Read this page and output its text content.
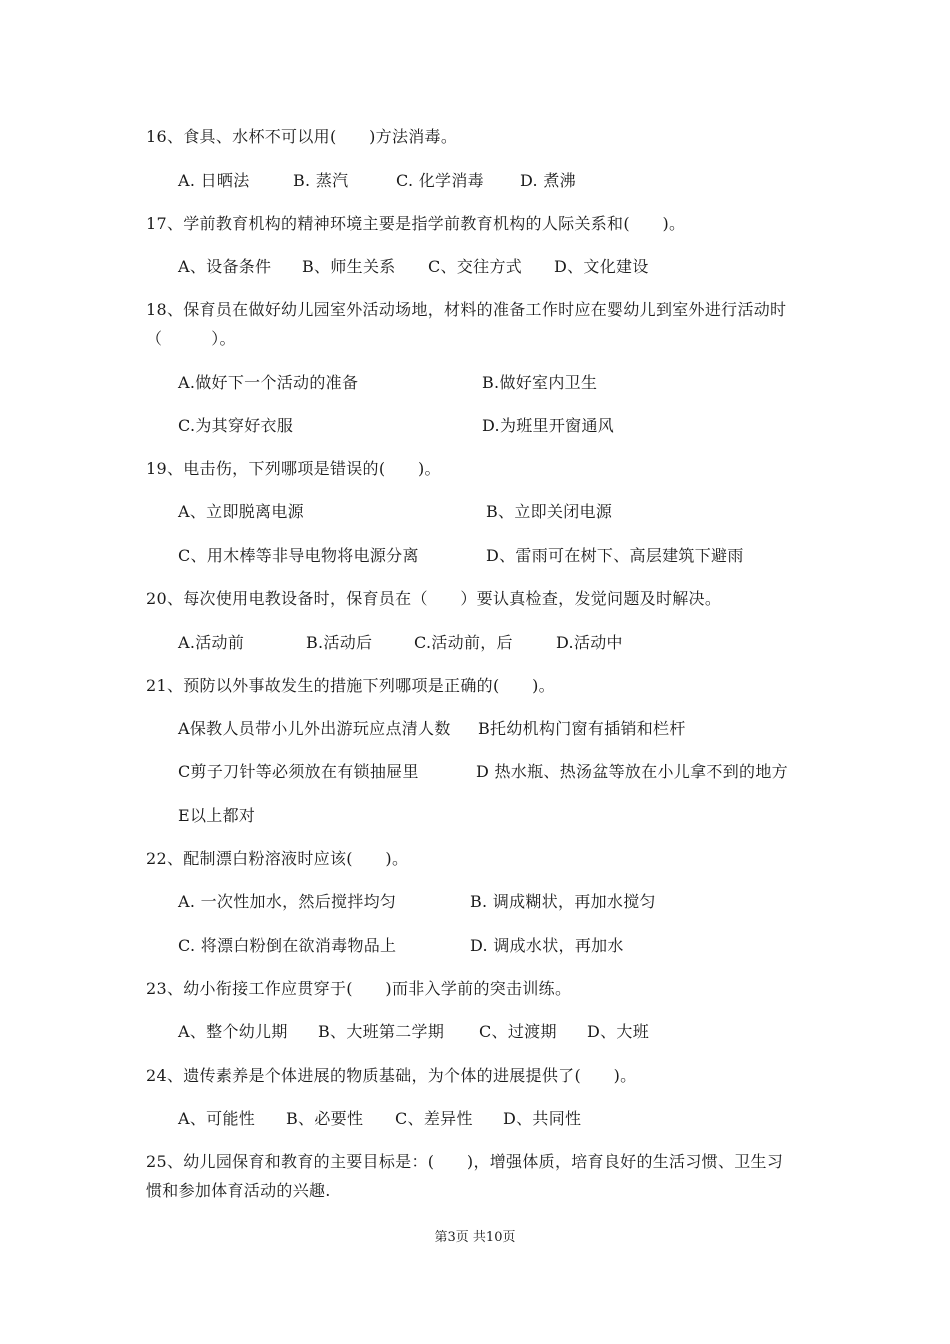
16、食具、水杯不可以用(　　)方法消毒。
A. 日晒法	B. 蒸汽	C. 化学消毒 D. 煮沸
17、学前教育机构的精神环境主要是指学前教育机构的人际关系和(　　)。
A、设备条件 B、师生关系 C、交往方式 D、文化建设
18、保育员在做好幼儿园室外活动场地，材料的准备工作时应在婴幼儿到室外进行活动时
（　　　）。
A.做好下一个活动的准备	B.做好室内卫生
C.为其穿好衣服	D.为班里开窗通风
19、电击伤，下列哪项是错误的(　　)。
A、立即脱离电源	B、立即关闭电源
C、用木棒等非导电物将电源分离	D、雷雨可在树下、高层建筑下避雨
20、每次使用电教设备时，保育员在（　　）要认真检查，发觉问题及时解决。
A.活动前	B.活动后	C.活动前，后	D.活动中
21、预防以外事故发生的措施下列哪项是正确的(　　)。
A保教人员带小儿外出游玩应点清人数 B托幼机构门窗有插销和栏杆
C剪子刀针等必须放在有锁抽屉里	D 热水瓶、热汤盆等放在小儿拿不到的地方
E以上都对
22、配制漂白粉溶液时应该(　　)。
A. 一次性加水，然后搅拌均匀	B. 调成糊状，再加水搅匀
C. 将漂白粉倒在欲消毒物品上	D. 调成水状，再加水
23、幼小衔接工作应贯穿于(　　)而非入学前的突击训练。
A、整个幼儿期 B、大班第二学期 C、过渡期 D、大班
24、遗传素养是个体进展的物质基础，为个体的进展提供了(　　)。
A、可能性 B、必要性 C、差异性 D、共同性
25、幼儿园保育和教育的主要目标是：(　　)，增强体质，培育良好的生活习惯、卫生习
惯和参加体育活动的兴趣.
第3页 共10页
